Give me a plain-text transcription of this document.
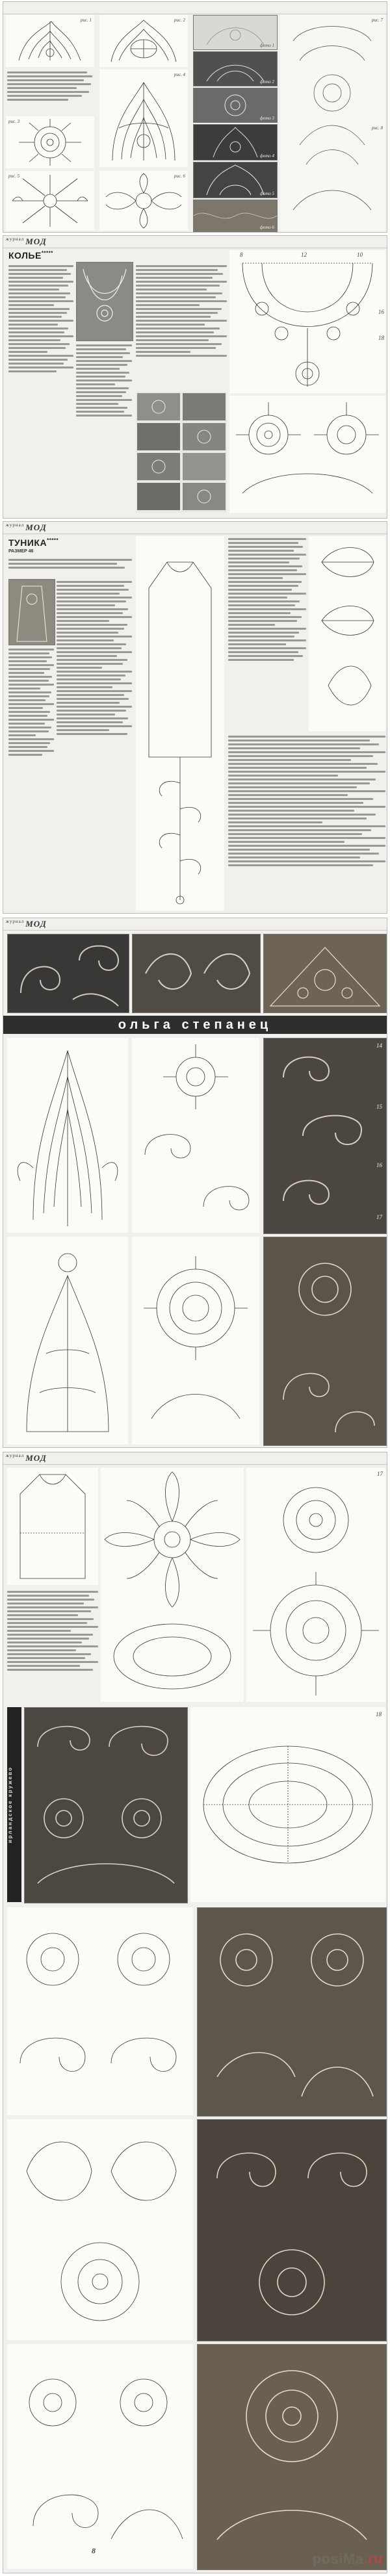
рис. 1	рис. 2
рис. 3
рис. 4
рис. 5	рис. 6
фото 1
фото 2
фото 3
фото 4
фото 5
фото 6
рис. 7
рис. 8
$^{журнал}$ МОД
КОЛЬЕ*****	8	12	10
16
18
$^{журнал}$ МОД
ТУНИКА*****
РАЗМЕР 46
$^{журнал}$ МОД
ольга степанец
14
15
16
17
$^{журнал}$ МОД
17
ирландское кружево
18
8	posiMa.ru
